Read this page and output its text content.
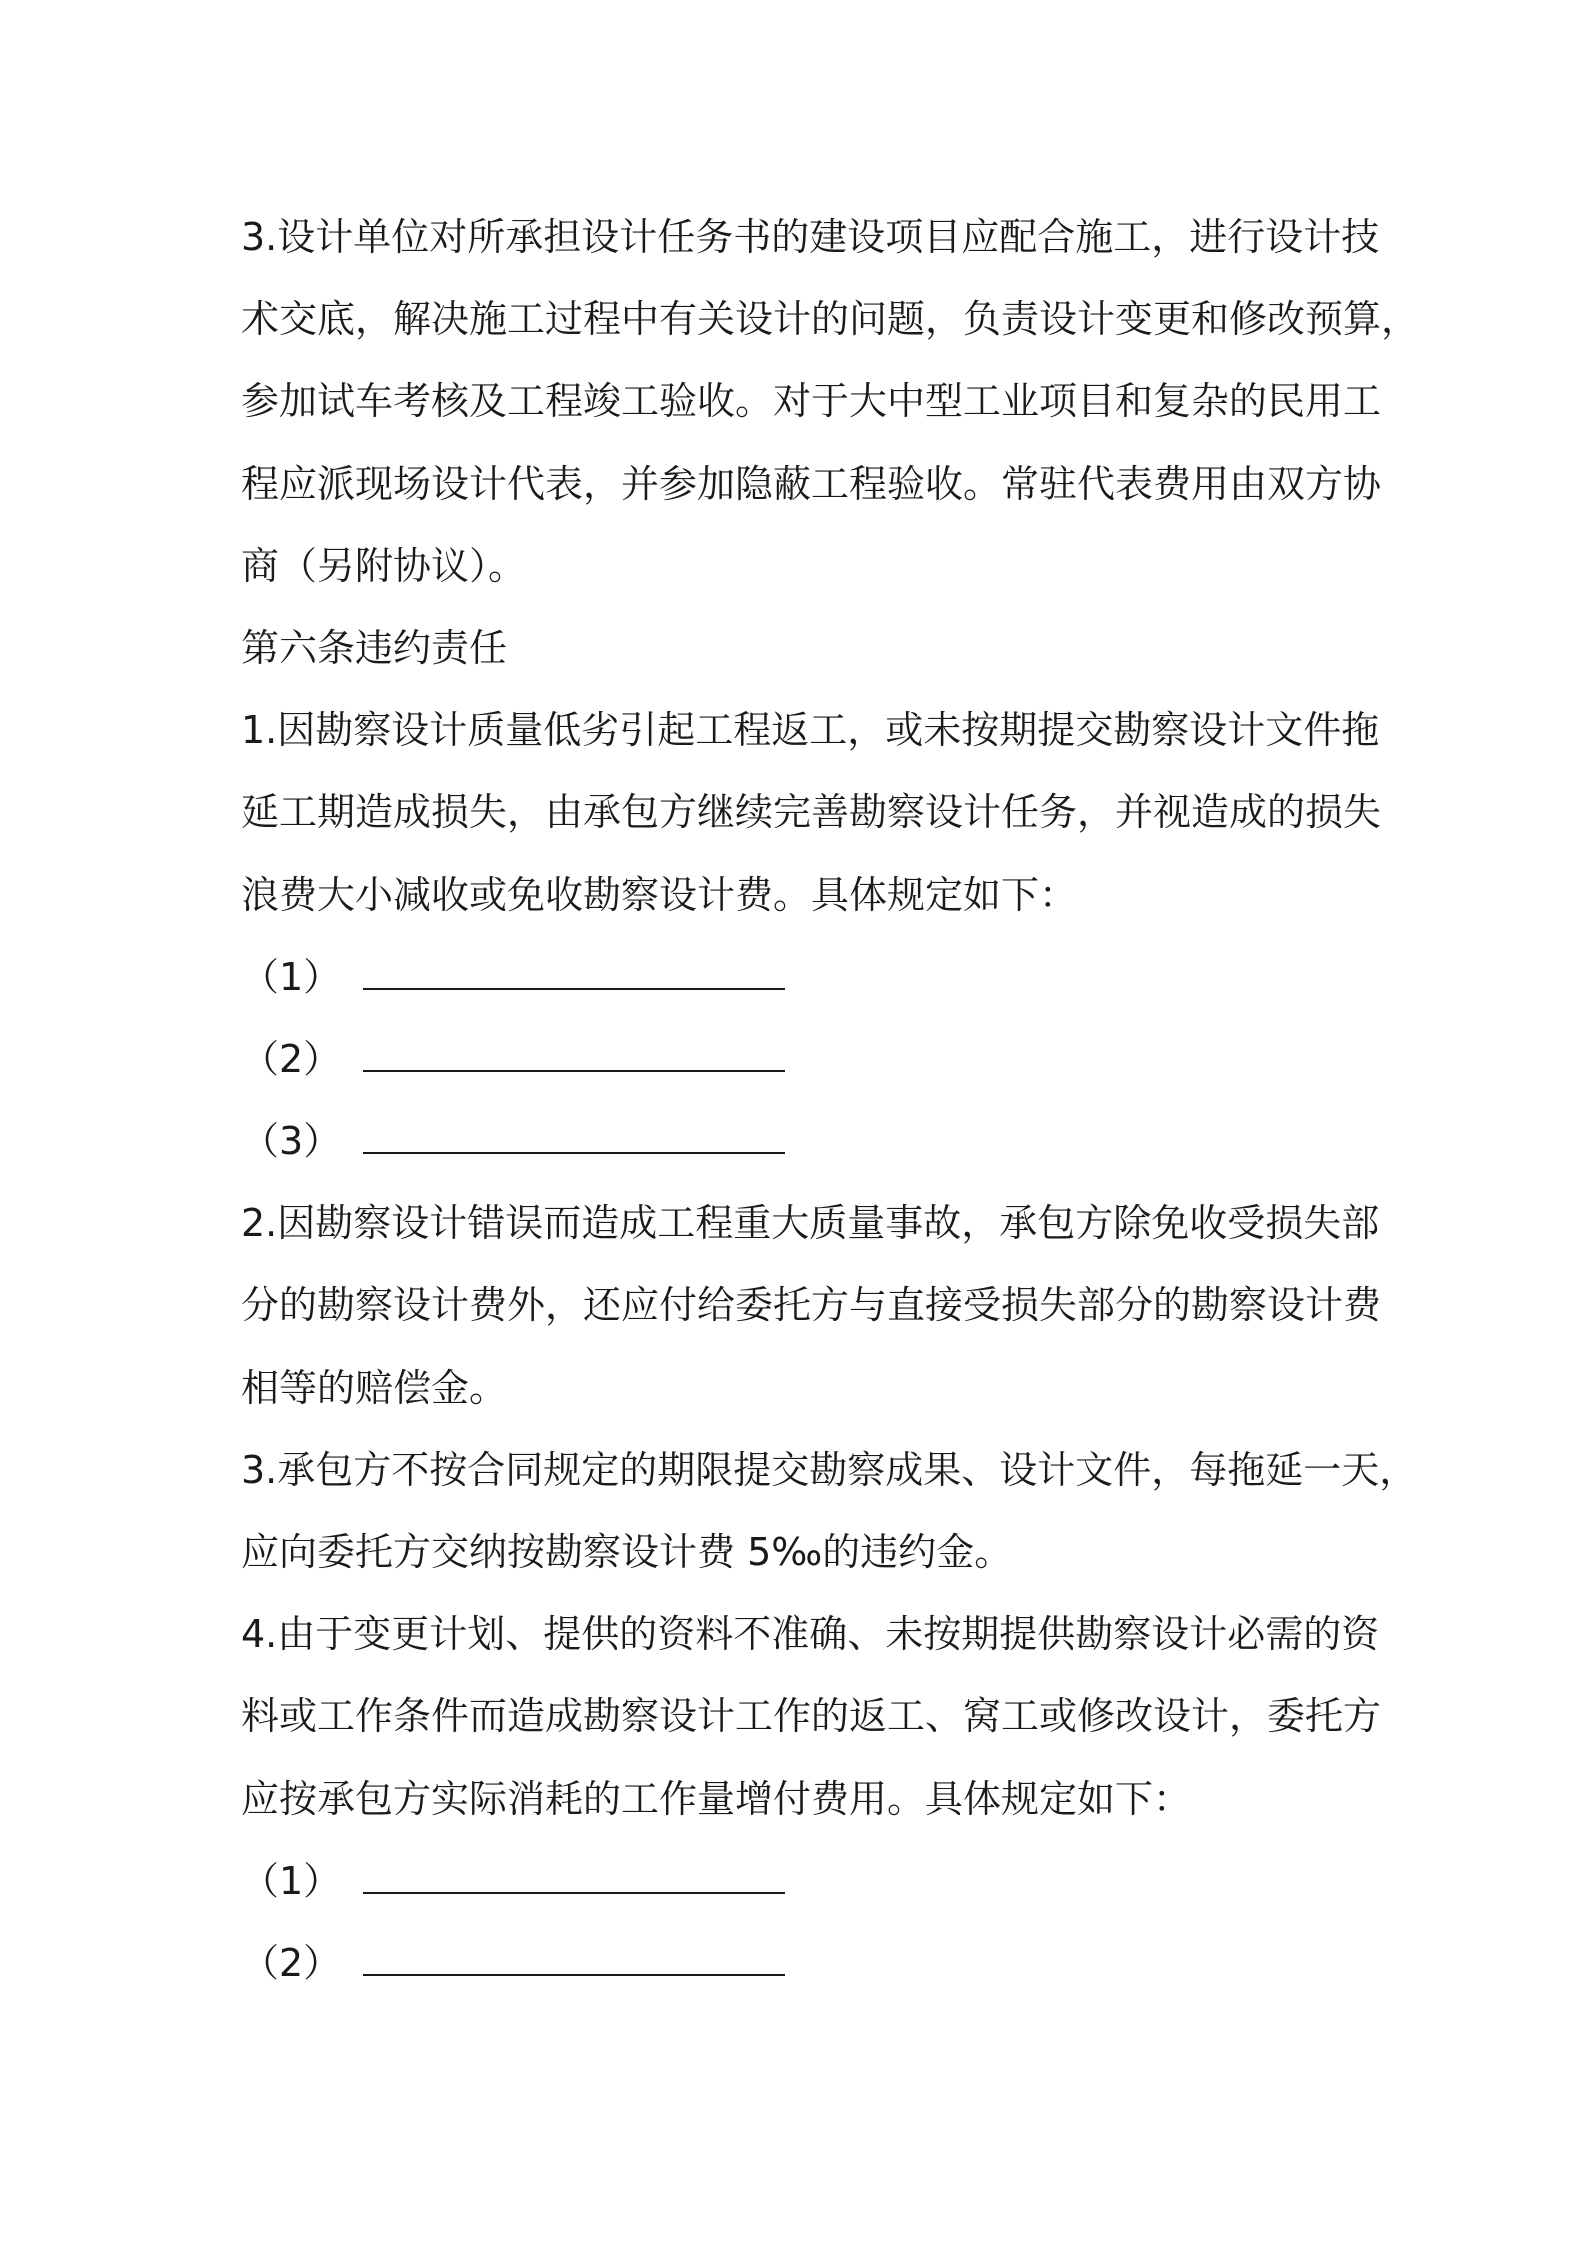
3.设计单位对所承担设计任务书的建设项目应配合施工，进行设计技
术交底，解决施工过程中有关设计的问题，负责设计变更和修改预算，
参加试车考核及工程竣工验收。对于大中型工业项目和复杂的民用工
程应派现场设计代表，并参加隐蔽工程验收。常驻代表费用由双方协
商（另附协议）。
第六条违约责任
1.因勘察设计质量低劣引起工程返工，或未按期提交勘察设计文件拖
延工期造成损失，由承包方继续完善勘察设计任务，并视造成的损失
浪费大小减收或免收勘察设计费。具体规定如下：
（1）
（2）
（3）
2.因勘察设计错误而造成工程重大质量事故，承包方除免收受损失部
分的勘察设计费外，还应付给委托方与直接受损失部分的勘察设计费
相等的赔偿金。
3.承包方不按合同规定的期限提交勘察成果、设计文件，每拖延一天，
应向委托方交纳按勘察设计费 5‰的违约金。
4.由于变更计划、提供的资料不准确、未按期提供勘察设计必需的资
料或工作条件而造成勘察设计工作的返工、窝工或修改设计，委托方
应按承包方实际消耗的工作量增付费用。具体规定如下：
（1）
（2）
